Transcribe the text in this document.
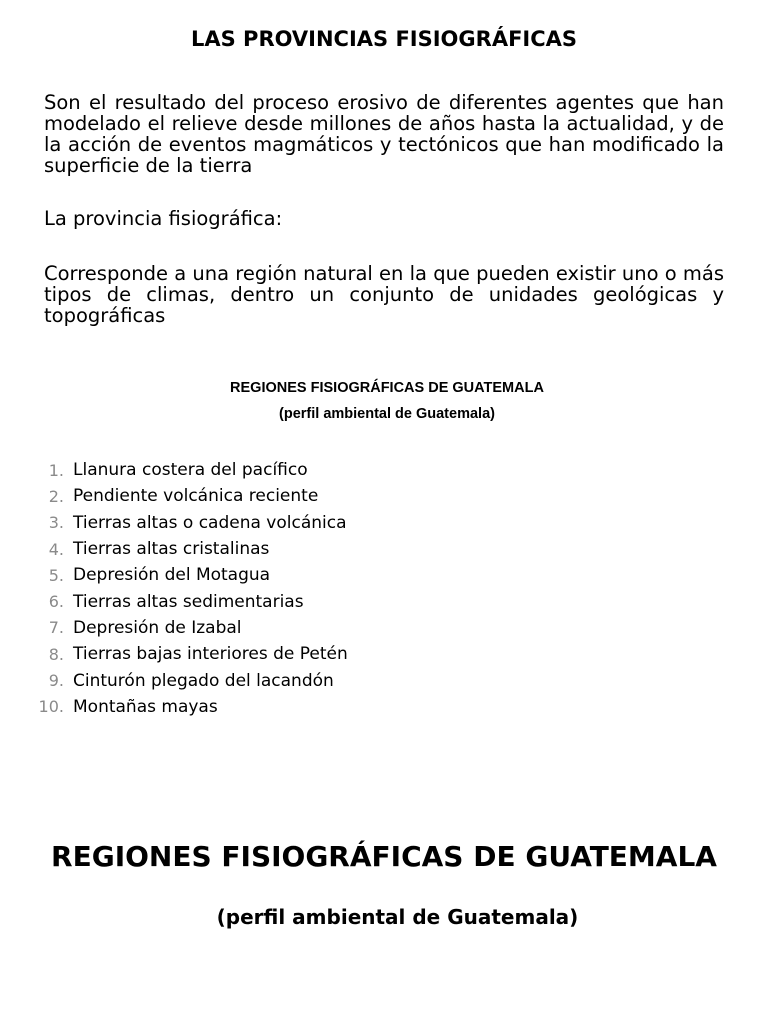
LAS PROVINCIAS FISIOGRÁFICAS

Son el resultado del proceso erosivo de diferentes agentes que han modelado el relieve desde millones de años hasta la actualidad, y de la acción de eventos magmáticos y tectónicos que han modificado la superficie de la tierra

La provincia fisiográfica:

Corresponde a una región natural en la que pueden existir uno o más tipos de climas, dentro un conjunto de unidades geológicas y topográficas

REGIONES FISIOGRÁFICAS DE GUATEMALA

(perfil ambiental de Guatemala)

1. Llanura costera del pacífico
2. Pendiente volcánica reciente
3. Tierras altas o cadena volcánica
4. Tierras altas cristalinas
5. Depresión del Motagua
6. Tierras altas sedimentarias
7. Depresión de Izabal
8. Tierras bajas interiores de Petén
9. Cinturón plegado del lacandón
10. Montañas mayas
REGIONES FISIOGRÁFICAS DE GUATEMALA

(perfil ambiental de Guatemala)
